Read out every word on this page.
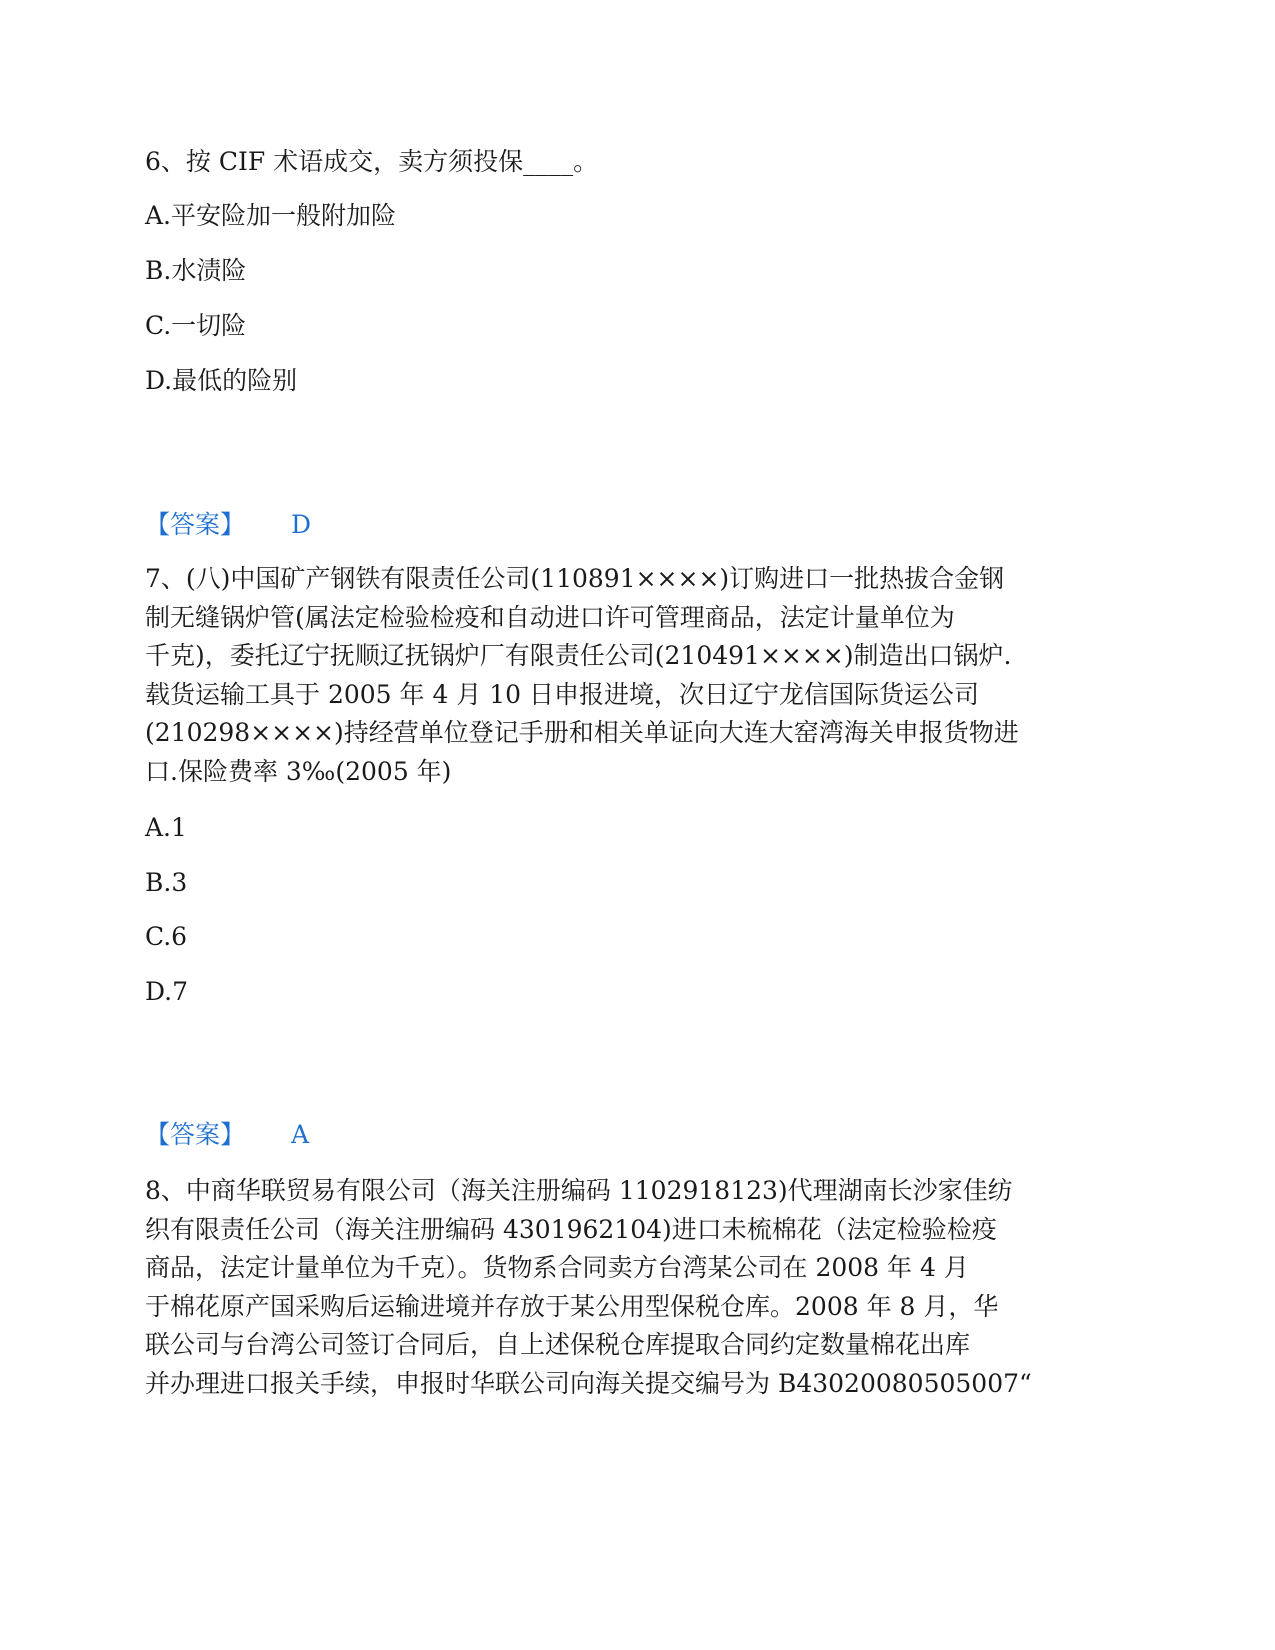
6、按 CIF 术语成交，卖方须投保____。
A.平安险加一般附加险
B.水渍险
C.一切险
D.最低的险别
【答案】 D
7、(八)中国矿产钢铁有限责任公司(110891××××)订购进口一批热拔合金钢
制无缝锅炉管(属法定检验检疫和自动进口许可管理商品，法定计量单位为
千克)，委托辽宁抚顺辽抚锅炉厂有限责任公司(210491××××)制造出口锅炉.
载货运输工具于 2005 年 4 月 10 日申报进境，次日辽宁龙信国际货运公司
(210298××××)持经营单位登记手册和相关单证向大连大窑湾海关申报货物进
口.保险费率 3‰(2005 年)
A.1
B.3
C.6
D.7
【答案】 A
8、中商华联贸易有限公司（海关注册编码 1102918123)代理湖南长沙家佳纺
织有限责任公司（海关注册编码 4301962104)进口未梳棉花（法定检验检疫
商品，法定计量单位为千克）。货物系合同卖方台湾某公司在 2008 年 4 月
于棉花原产国采购后运输进境并存放于某公用型保税仓库。2008 年 8 月，华
联公司与台湾公司签订合同后，自上述保税仓库提取合同约定数量棉花出库
并办理进口报关手续，申报时华联公司向海关提交编号为 B43020080505007“
